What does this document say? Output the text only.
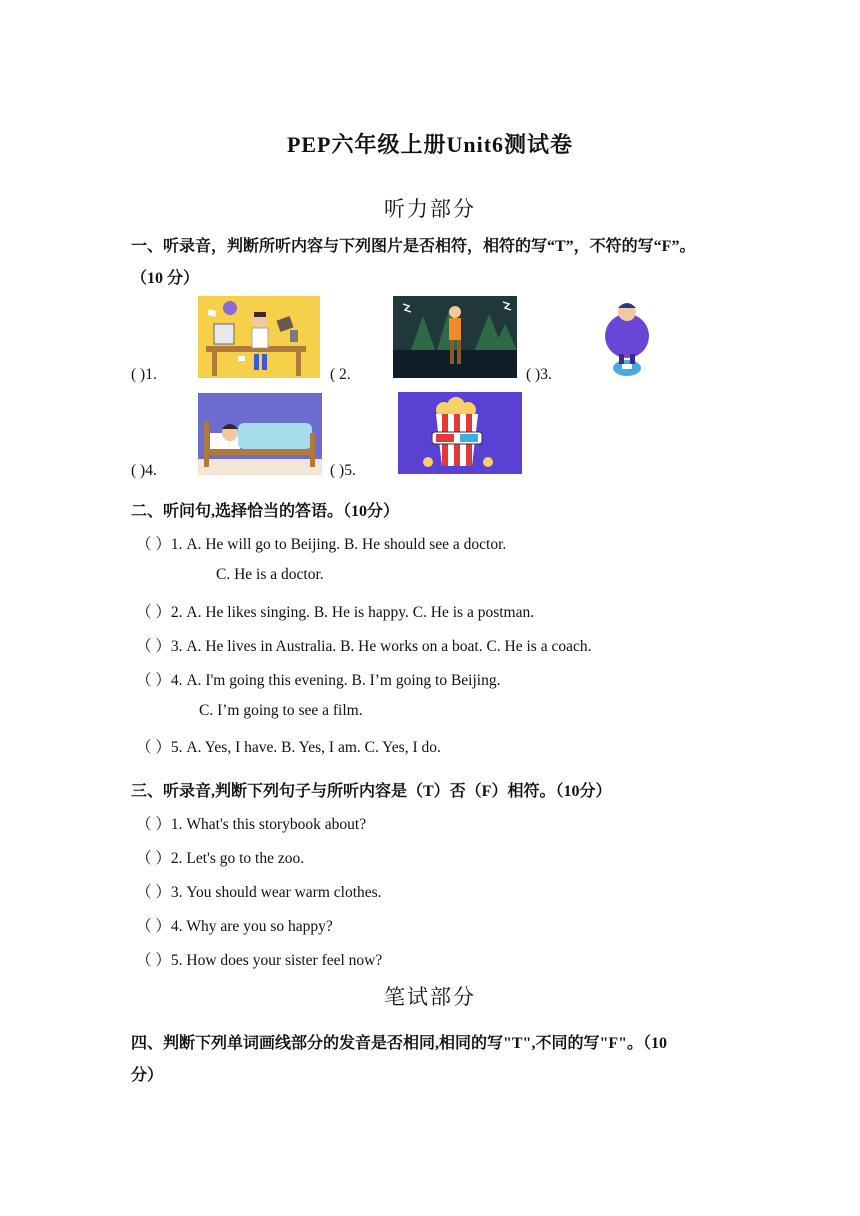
PEP六年级上册Unit6测试卷
听力部分
一、听录音，判断所听内容与下列图片是否相符，相符的写“T”，不符的写“F”。
（10 分）
( )1.	( 2.	( )3.
( )4.	( )5.
二、听问句,选择恰当的答语。（10分）
（ ）1. A. He will go to Beijing. B. He should see a doctor.
C. He is a doctor.
（ ）2. A. He likes singing. B. He is happy. C. He is a postman.
（ ）3. A. He lives in Australia. B. He works on a boat. C. He is a coach.
（ ）4. A. I'm going this evening. B. I’m going to Beijing.
C. I’m going to see a film.
（ ）5. A. Yes, I have. B. Yes, I am. C. Yes, I do.
三、听录音,判断下列句子与所听内容是（T）否（F）相符。（10分）
（ ）1. What's this storybook about?
（ ）2. Let's go to the zoo.
（ ）3. You should wear warm clothes.
（ ）4. Why are you so happy?
（ ）5. How does your sister feel now?
笔试部分
四、判断下列单词画线部分的发音是否相同,相同的写"T",不同的写"F"。（10
分）
